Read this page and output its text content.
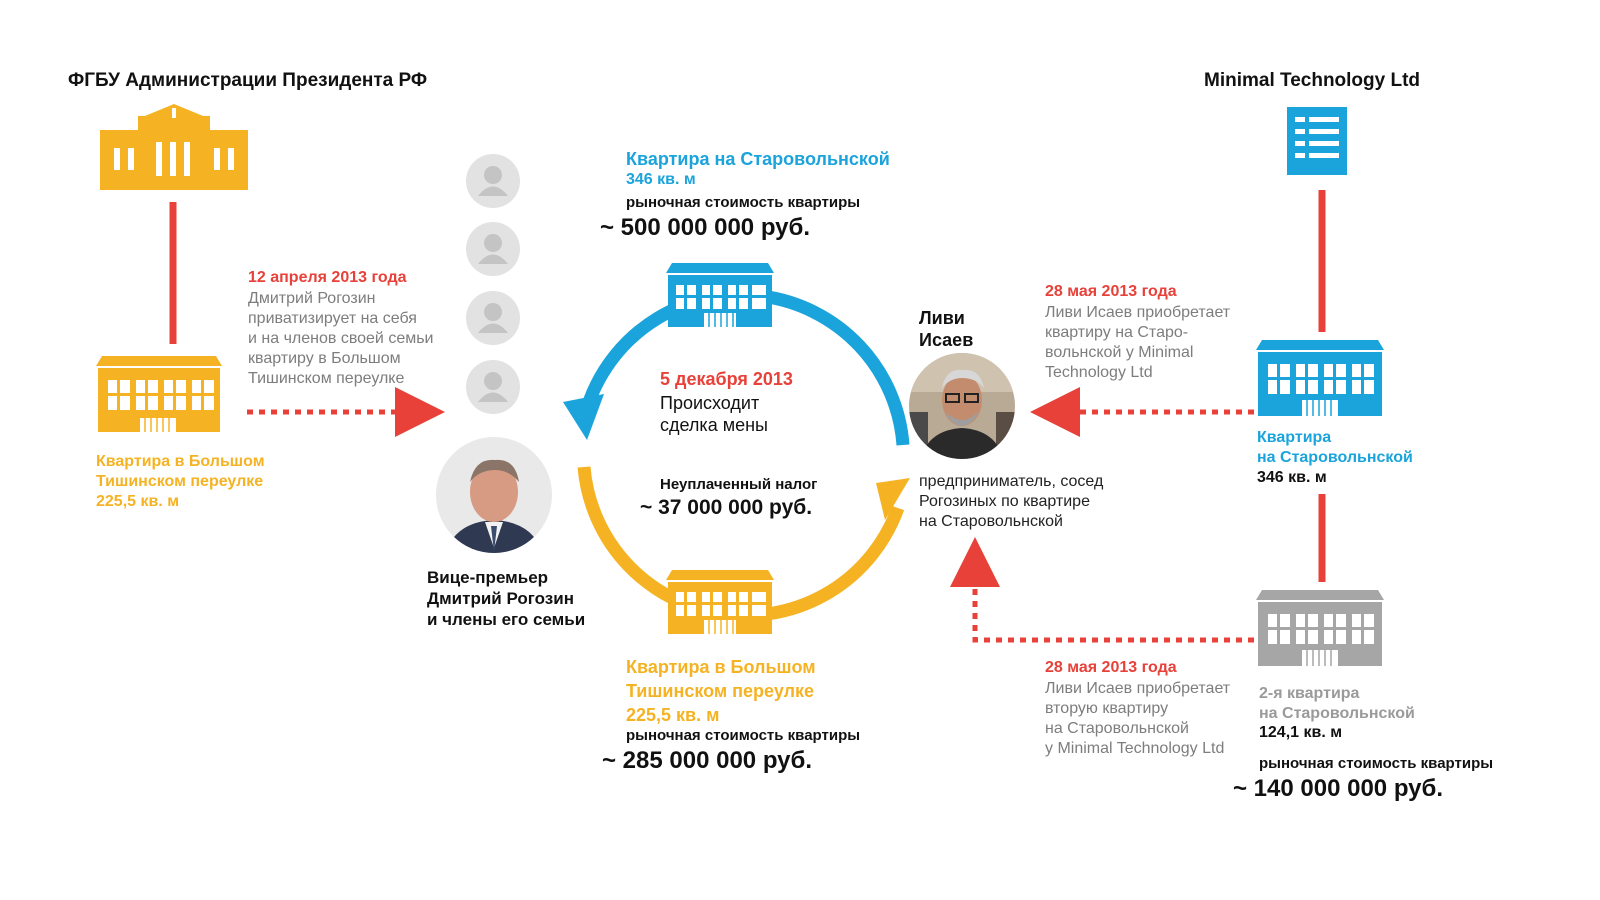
ФГБУ Администрации Президента РФ
Квартира в Большом
Тишинском переулке
225,5 кв. м
12 апреля 2013 года
Дмитрий Рогозин
приватизирует на себя
и на членов своей семьи
квартиру в Большом
Тишинском переулке
Вице-премьер
Дмитрий Рогозин
и члены его семьи
Квартира на Старовольнской
346 кв. м
рыночная стоимость квартиры
~ 500 000 000 руб.
5 декабря 2013
Происходит
сделка мены
Неуплаченный налог
~ 37 000 000 руб.
Квартира в Большом
Тишинском переулке
225,5 кв. м
рыночная стоимость квартиры
~ 285 000 000 руб.
Ливи
Исаев
предприниматель, сосед
Рогозиных по квартире
на Старовольнской
28 мая 2013 года
Ливи Исаев приобретает
квартиру на Старо-
вольнской у Minimal
Technology Ltd
Minimal Technology Ltd
Квартира
на Старовольнской
346 кв. м
2-я квартира
на Старовольнской
124,1 кв. м
рыночная стоимость квартиры
~ 140 000 000 руб.
28 мая 2013 года
Ливи Исаев приобретает
вторую квартиру
на Старовольнской
у Minimal Technology Ltd
